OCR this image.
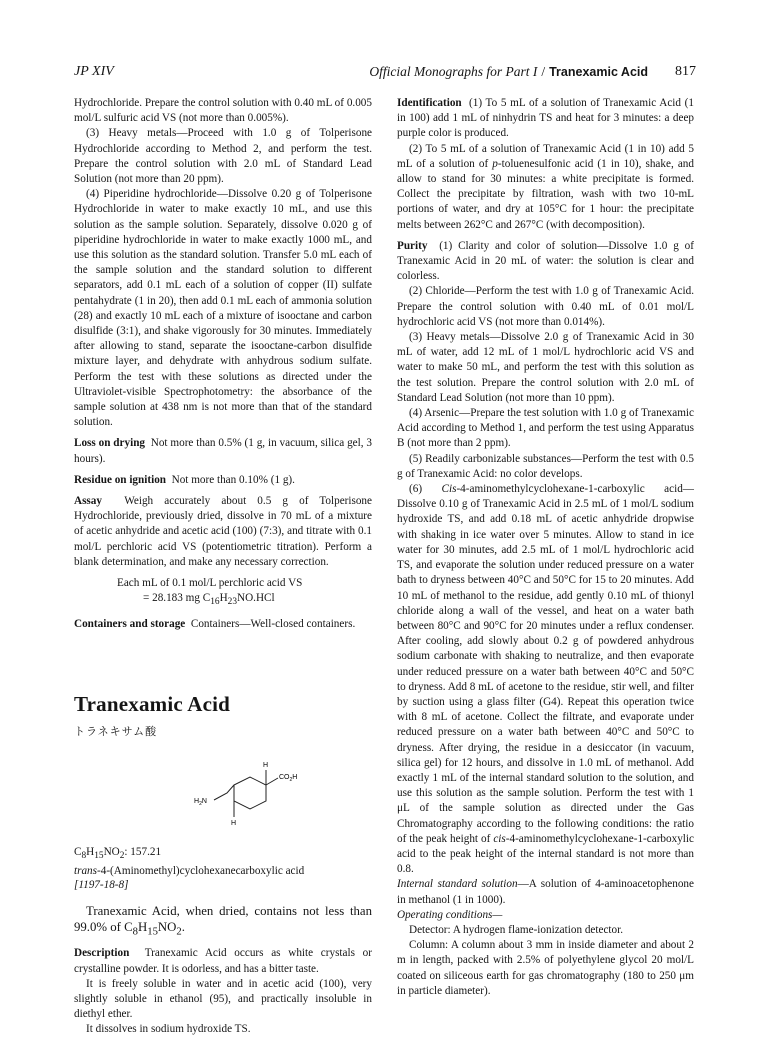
JP XIV	Official Monographs for Part I / Tranexamic Acid 817

Hydrochloride. Prepare the control solution with 0.40 mL of 0.005 mol/L sulfuric acid VS (not more than 0.005%).

(3) Heavy metals—Proceed with 1.0 g of Tolperisone Hydrochloride according to Method 2, and perform the test. Prepare the control solution with 2.0 mL of Standard Lead Solution (not more than 20 ppm).

(4) Piperidine hydrochloride—Dissolve 0.20 g of Tolperisone Hydrochloride in water to make exactly 10 mL, and use this solution as the sample solution. Separately, dissolve 0.020 g of piperidine hydrochloride in water to make exactly 1000 mL, and use this solution as the standard solution. Transfer 5.0 mL each of the sample solution and the standard solution to different separators, add 0.1 mL each of a solution of copper (II) sulfate pentahydrate (1 in 20), then add 0.1 mL each of ammonia solution (28) and exactly 10 mL each of a mixture of isooctane and carbon disulfide (3:1), and shake vigorously for 30 minutes. Immediately after allowing to stand, separate the isooctane-carbon disulfide mixture layer, and dehydrate with anhydrous sodium sulfate. Perform the test with these solutions as directed under the Ultraviolet-visible Spectrophotometry: the absorbance of the sample solution at 438 nm is not more than that of the standard solution.

Loss on drying Not more than 0.5% (1 g, in vacuum, silica gel, 3 hours).

Residue on ignition Not more than 0.10% (1 g).

Assay Weigh accurately about 0.5 g of Tolperisone Hydrochloride, previously dried, dissolve in 70 mL of a mixture of acetic anhydride and acetic acid (100) (7:3), and titrate with 0.1 mol/L perchloric acid VS (potentiometric titration). Perform a blank determination, and make any necessary correction.

Each mL of 0.1 mol/L perchloric acid VS
= 28.183 mg $C_{16}H_{23}NO.HCl$

Containers and storage Containers—Well-closed containers.

Tranexamic Acid
トラネキサム酸
H
$CO_2H$
$H_2N$
H

$C_8H_{15}NO_2$: 157.21

trans-4-(Aminomethyl)cyclohexanecarboxylic acid

[1197-18-8]

Tranexamic Acid, when dried, contains not less than 99.0% of $C_8H_{15}NO_2$.

Description Tranexamic Acid occurs as white crystals or crystalline powder. It is odorless, and has a bitter taste.

It is freely soluble in water and in acetic acid (100), very slightly soluble in ethanol (95), and practically insoluble in diethyl ether.

It dissolves in sodium hydroxide TS.

Identification (1) To 5 mL of a solution of Tranexamic Acid (1 in 100) add 1 mL of ninhydrin TS and heat for 3 minutes: a deep purple color is produced.

(2) To 5 mL of a solution of Tranexamic Acid (1 in 10) add 5 mL of a solution of p-toluenesulfonic acid (1 in 10), shake, and allow to stand for 30 minutes: a white precipitate is formed. Collect the precipitate by filtration, wash with two 10-mL portions of water, and dry at 105°C for 1 hour: the precipitate melts between 262°C and 267°C (with decomposition).

Purity (1) Clarity and color of solution—Dissolve 1.0 g of Tranexamic Acid in 20 mL of water: the solution is clear and colorless.

(2) Chloride—Perform the test with 1.0 g of Tranexamic Acid. Prepare the control solution with 0.40 mL of 0.01 mol/L hydrochloric acid VS (not more than 0.014%).

(3) Heavy metals—Dissolve 2.0 g of Tranexamic Acid in 30 mL of water, add 12 mL of 1 mol/L hydrochloric acid VS and water to make 50 mL, and perform the test with this solution as the test solution. Prepare the control solution with 2.0 mL of Standard Lead Solution (not more than 10 ppm).

(4) Arsenic—Prepare the test solution with 1.0 g of Tranexamic Acid according to Method 1, and perform the test using Apparatus B (not more than 2 ppm).

(5) Readily carbonizable substances—Perform the test with 0.5 g of Tranexamic Acid: no color develops.

(6) Cis-4-aminomethylcyclohexane-1-carboxylic acid—Dissolve 0.10 g of Tranexamic Acid in 2.5 mL of 1 mol/L sodium hydroxide TS, and add 0.18 mL of acetic anhydride dropwise with shaking in ice water over 5 minutes. Allow to stand in ice water for 30 minutes, add 2.5 mL of 1 mol/L hydrochloric acid TS, and evaporate the solution under reduced pressure on a water bath to dryness between 40°C and 50°C for 15 to 20 minutes. Add 10 mL of methanol to the residue, add gently 0.10 mL of thionyl chloride along a wall of the vessel, and heat on a water bath between 80°C and 90°C for 20 minutes under a reflux condenser. After cooling, add slowly about 0.2 g of powdered anhydrous sodium carbonate with shaking to neutralize, and then evaporate under reduced pressure on a water bath between 40°C and 50°C to dryness. Add 8 mL of acetone to the residue, stir well, and filter by suction using a glass filter (G4). Repeat this operation twice with 8 mL of acetone. Collect the filtrate, and evaporate under reduced pressure on a water bath between 40°C and 50°C to dryness. After drying, the residue in a desiccator (in vacuum, silica gel) for 12 hours, and dissolve in 1.0 mL of methanol. Add exactly 1 mL of the internal standard solution to the solution, and use this solution as the sample solution. Perform the test with 1 μL of the sample solution as directed under the Gas Chromatography according to the following conditions: the ratio of the peak height of cis-4-aminomethylcyclohexane-1-carboxylic acid to the peak height of the internal standard is not more than 0.8.

Internal standard solution—A solution of 4-aminoacetophenone in methanol (1 in 1000).

Operating conditions—

Detector: A hydrogen flame-ionization detector.

Column: A column about 3 mm in inside diameter and about 2 m in length, packed with 2.5% of polyethylene glycol 20 mol/L coated on siliceous earth for gas chromatography (180 to 250 μm in particle diameter).
